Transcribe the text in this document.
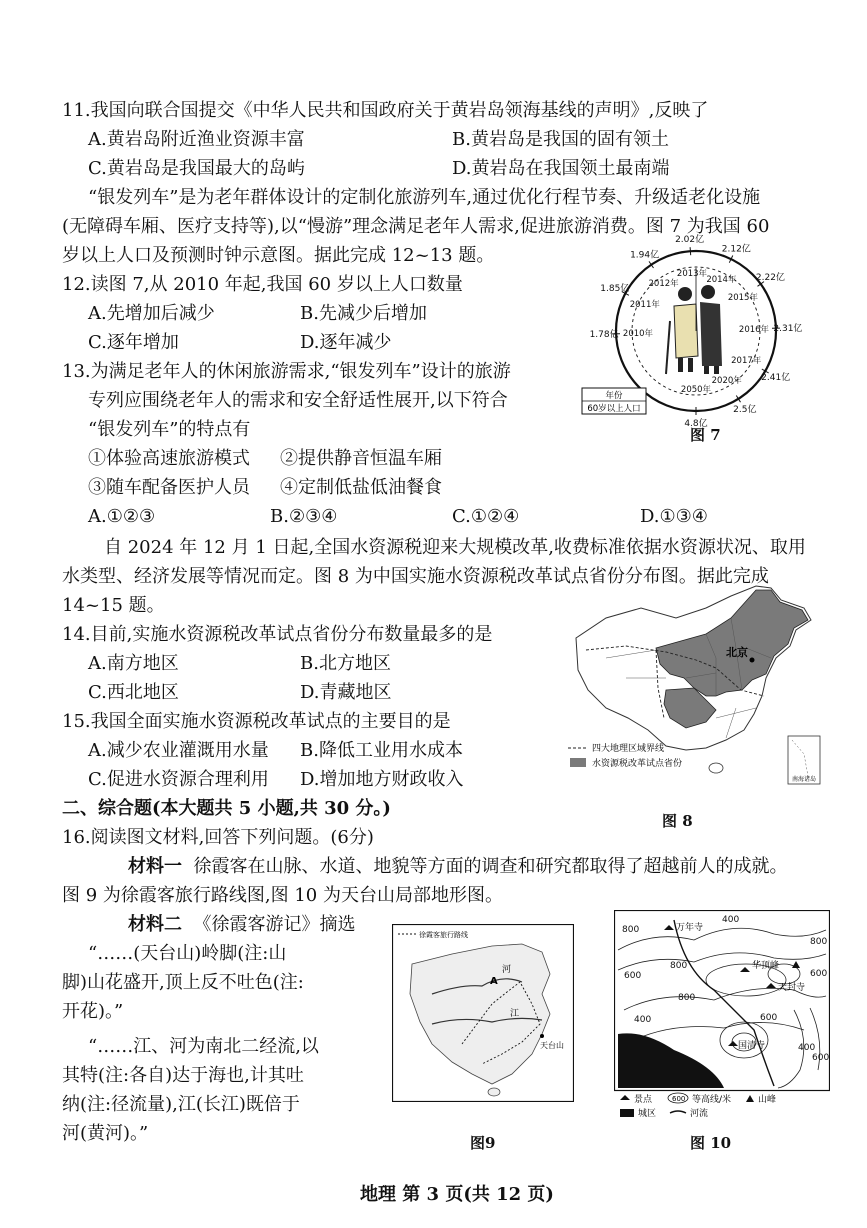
11.我国向联合国提交《中华人民共和国政府关于黄岩岛领海基线的声明》,反映了
A.黄岩岛附近渔业资源丰富	B.黄岩岛是我国的固有领土
C.黄岩岛是我国最大的岛屿	D.黄岩岛在我国领土最南端
“银发列车”是为老年群体设计的定制化旅游列车,通过优化行程节奏、升级适老化设施
(无障碍车厢、医疗支持等),以“慢游”理念满足老年人需求,促进旅游消费。图 7 为我国 60
岁以上人口及预测时钟示意图。据此完成 12~13 题。
12.读图 7,从 2010 年起,我国 60 岁以上人口数量
A.先增加后减少	B.先减少后增加
C.逐年增加	D.逐年减少
13.为满足老年人的休闲旅游需求,“银发列车”设计的旅游
专列应围绕老年人的需求和安全舒适性展开,以下符合
“银发列车”的特点有
①体验高速旅游模式 ②提供静音恒温车厢
③随车配备医护人员 ④定制低盐低油餐食
A.①②③	B.②③④	C.①②④	D.①③④
2010年
2011年
2012年
2013年
2014年
2015年
2016年
2017年
2020年
2050年
1.78亿
1.85亿
1.94亿
2.02亿
2.12亿
2.22亿
2.31亿
2.41亿
2.5亿
4.8亿
年份
60岁以上人口
图 7
自 2024 年 12 月 1 日起,全国水资源税迎来大规模改革,收费标准依据水资源状况、取用
水类型、经济发展等情况而定。图 8 为中国实施水资源税改革试点省份分布图。据此完成
14~15 题。
14.目前,实施水资源税改革试点省份分布数量最多的是
A.南方地区	B.北方地区
C.西北地区	D.青藏地区
15.我国全面实施水资源税改革试点的主要目的是
A.减少农业灌溉用水量 B.降低工业用水成本
C.促进水资源合理利用 D.增加地方财政收入
北京
四大地理区域界线
水资源税改革试点省份
南海诸岛
图 8
二、综合题(本大题共 5 小题,共 30 分。)
16.阅读图文材料,回答下列问题。(6分)
材料一 徐霞客在山脉、水道、地貌等方面的调查和研究都取得了超越前人的成就。
图 9 为徐霞客旅行路线图,图 10 为天台山局部地形图。
材料二 《徐霞客游记》摘选
“……(天台山)岭脚(注:山
脚)山花盛开,顶上反不吐色(注:
开花)。”
“……江、河为南北二经流,以
其特(注:各自)达于海也,计其吐
纳(注:径流量),江(长江)既倍于
河(黄河)。”
徐霞客旅行路线
A
河
江
天台山
图9
万年寺
华顶峰
天封寺
国清寺
400
800
800
600
800
600
800
400	600
600
400
景点	600 等高线/米	山峰
城区	河流
图 10
地理 第 3 页(共 12 页)
